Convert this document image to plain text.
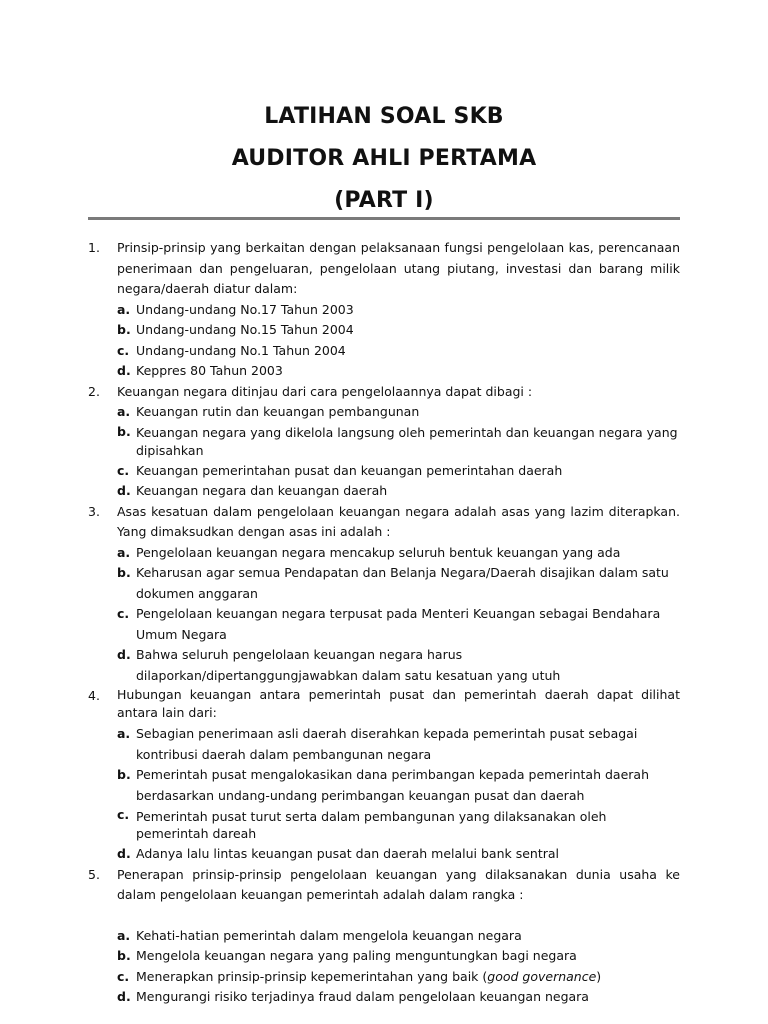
LATIHAN SOAL SKB
AUDITOR AHLI PERTAMA
(PART I)
1. Prinsip-prinsip yang berkaitan dengan pelaksanaan fungsi pengelolaan kas, perencanaan penerimaan dan pengeluaran, pengelolaan utang piutang, investasi dan barang milik negara/daerah diatur dalam:
a. Undang-undang No.17 Tahun 2003
b. Undang-undang No.15 Tahun 2004
c. Undang-undang No.1 Tahun 2004
d. Keppres 80 Tahun 2003
2. Keuangan negara ditinjau dari cara pengelolaannya dapat dibagi :
a. Keuangan rutin dan keuangan pembangunan
b. Keuangan negara yang dikelola langsung oleh pemerintah dan keuangan negara yang dipisahkan
c. Keuangan pemerintahan pusat dan keuangan pemerintahan daerah
d. Keuangan negara dan keuangan daerah
3. Asas kesatuan dalam pengelolaan keuangan negara adalah asas yang lazim diterapkan. Yang dimaksudkan dengan asas ini adalah :
a. Pengelolaan keuangan negara mencakup seluruh bentuk keuangan yang ada
b. Keharusan agar semua Pendapatan dan Belanja Negara/Daerah disajikan dalam satu dokumen anggaran
c. Pengelolaan keuangan negara terpusat pada Menteri Keuangan sebagai Bendahara Umum Negara
d. Bahwa seluruh pengelolaan keuangan negara harus dilaporkan/dipertanggungjawabkan dalam satu kesatuan yang utuh
4. Hubungan keuangan antara pemerintah pusat dan pemerintah daerah dapat dilihat antara lain dari:
a. Sebagian penerimaan asli daerah diserahkan kepada pemerintah pusat sebagai kontribusi daerah dalam pembangunan negara
b. Pemerintah pusat mengalokasikan dana perimbangan kepada pemerintah daerah berdasarkan undang-undang perimbangan keuangan pusat dan daerah
c. Pemerintah pusat turut serta dalam pembangunan yang dilaksanakan oleh pemerintah dareah
d. Adanya lalu lintas keuangan pusat dan daerah melalui bank sentral
5. Penerapan prinsip-prinsip pengelolaan keuangan yang dilaksanakan dunia usaha ke dalam pengelolaan keuangan pemerintah adalah dalam rangka :
a. Kehati-hatian pemerintah dalam mengelola keuangan negara
b. Mengelola keuangan negara yang paling menguntungkan bagi negara
c. Menerapkan prinsip-prinsip kepemerintahan yang baik (good governance)
d. Mengurangi risiko terjadinya fraud dalam pengelolaan keuangan negara
